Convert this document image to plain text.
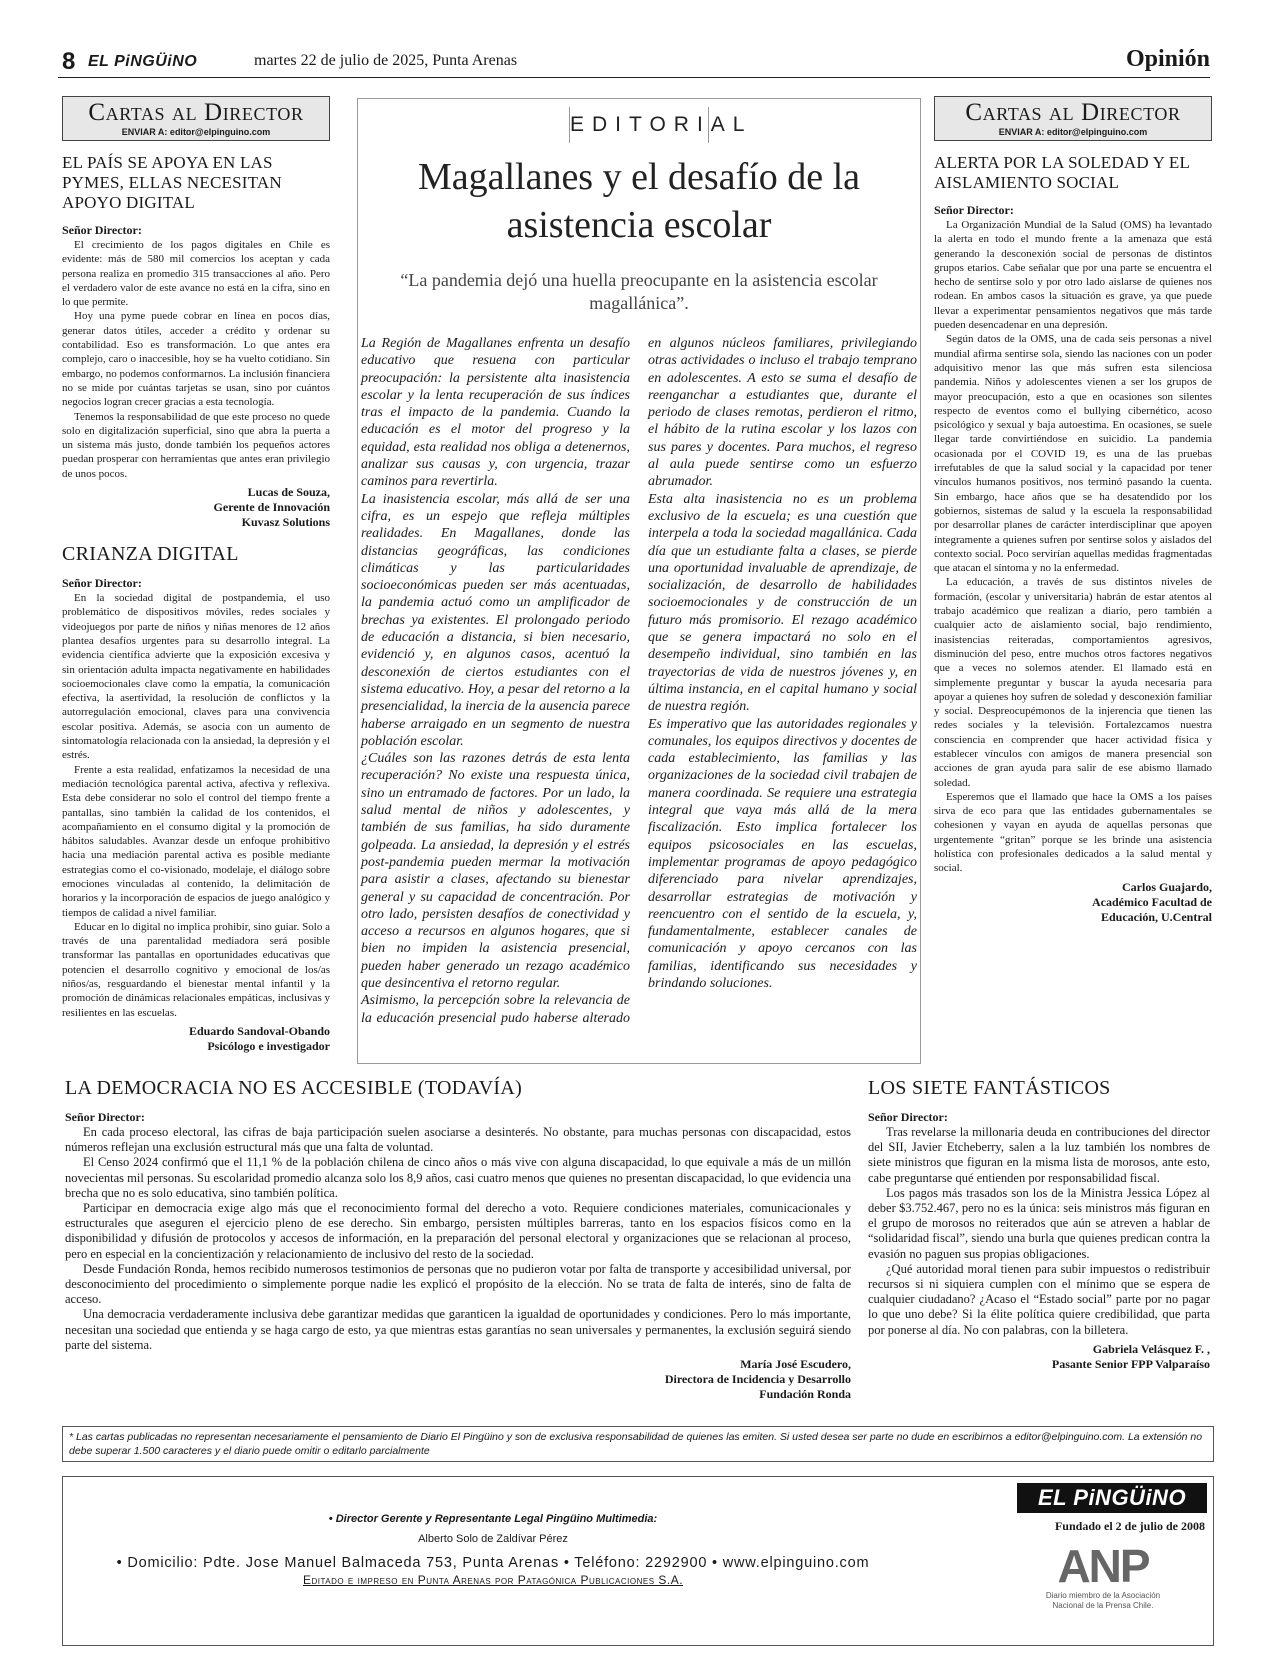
8 EL PiNGÜiNO	martes 22 de julio de 2025, Punta Arenas	Opinión
Cartas al Director
ENVIAR A: editor@elpinguino.com
EL PAÍS SE APOYA EN LAS PYMES, ELLAS NECESITAN APOYO DIGITAL
Señor Director:

El crecimiento de los pagos digitales en Chile es evidente: más de 580 mil comercios los aceptan y cada persona realiza en promedio 315 transacciones al año. Pero el verdadero valor de este avance no está en la cifra, sino en lo que permite.

Hoy una pyme puede cobrar en línea en pocos días, generar datos útiles, acceder a crédito y ordenar su contabilidad. Eso es transformación. Lo que antes era complejo, caro o inaccesible, hoy se ha vuelto cotidiano. Sin embargo, no podemos conformarnos. La inclusión financiera no se mide por cuántas tarjetas se usan, sino por cuántos negocios logran crecer gracias a esta tecnología.

Tenemos la responsabilidad de que este proceso no quede solo en digitalización superficial, sino que abra la puerta a un sistema más justo, donde también los pequeños actores puedan prosperar con herramientas que antes eran privilegio de unos pocos.

Lucas de Souza,
Gerente de Innovación
Kuvasz Solutions
CRIANZA DIGITAL
Señor Director:

En la sociedad digital de postpandemia, el uso problemático de dispositivos móviles, redes sociales y videojuegos por parte de niños y niñas menores de 12 años plantea desafíos urgentes para su desarrollo integral. La evidencia científica advierte que la exposición excesiva y sin orientación adulta impacta negativamente en habilidades socioemocionales clave como la empatía, la comunicación efectiva, la asertividad, la resolución de conflictos y la autorregulación emocional, claves para una convivencia escolar positiva. Además, se asocia con un aumento de sintomatología relacionada con la ansiedad, la depresión y el estrés.

Frente a esta realidad, enfatizamos la necesidad de una mediación tecnológica parental activa, afectiva y reflexiva. Esta debe considerar no solo el control del tiempo frente a pantallas, sino también la calidad de los contenidos, el acompañamiento en el consumo digital y la promoción de hábitos saludables. Avanzar desde un enfoque prohibitivo hacia una mediación parental activa es posible mediante estrategias como el co-visionado, modelaje, el diálogo sobre emociones vinculadas al contenido, la delimitación de horarios y la incorporación de espacios de juego analógico y tiempos de calidad a nivel familiar.

Educar en lo digital no implica prohibir, sino guiar. Solo a través de una parentalidad mediadora será posible transformar las pantallas en oportunidades educativas que potencien el desarrollo cognitivo y emocional de los/as niños/as, resguardando el bienestar mental infantil y la promoción de dinámicas relacionales empáticas, inclusivas y resilientes en las escuelas.

Eduardo Sandoval-Obando
Psicólogo e investigador
EDITORIAL
Magallanes y el desafío de la asistencia escolar
“La pandemia dejó una huella preocupante en la asistencia escolar magallánica”.

La Región de Magallanes enfrenta un desafío educativo que resuena con particular preocupación: la persistente alta inasistencia escolar y la lenta recuperación de sus índices tras el impacto de la pandemia. Cuando la educación es el motor del progreso y la equidad, esta realidad nos obliga a detenernos, analizar sus causas y, con urgencia, trazar caminos para revertirla.

La inasistencia escolar, más allá de ser una cifra, es un espejo que refleja múltiples realidades. En Magallanes, donde las distancias geográficas, las condiciones climáticas y las particularidades socioeconómicas pueden ser más acentuadas, la pandemia actuó como un amplificador de brechas ya existentes. El prolongado periodo de educación a distancia, si bien necesario, evidenció y, en algunos casos, acentuó la desconexión de ciertos estudiantes con el sistema educativo. Hoy, a pesar del retorno a la presencialidad, la inercia de la ausencia parece haberse arraigado en un segmento de nuestra población escolar.

¿Cuáles son las razones detrás de esta lenta recuperación? No existe una respuesta única, sino un entramado de factores. Por un lado, la salud mental de niños y adolescentes, y también de sus familias, ha sido duramente golpeada. La ansiedad, la depresión y el estrés post-pandemia pueden mermar la motivación para asistir a clases, afectando su bienestar general y su capacidad de concentración. Por otro lado, persisten desafíos de conectividad y acceso a recursos en algunos hogares, que si bien no impiden la asistencia presencial, pueden haber generado un rezago académico que desincentiva el retorno regular.

Asimismo, la percepción sobre la relevancia de la educación presencial pudo haberse alterado en algunos núcleos familiares, privilegiando otras actividades o incluso el trabajo temprano en adolescentes. A esto se suma el desafío de reenganchar a estudiantes que, durante el periodo de clases remotas, perdieron el ritmo, el hábito de la rutina escolar y los lazos con sus pares y docentes. Para muchos, el regreso al aula puede sentirse como un esfuerzo abrumador.

Esta alta inasistencia no es un problema exclusivo de la escuela; es una cuestión que interpela a toda la sociedad magallánica. Cada día que un estudiante falta a clases, se pierde una oportunidad invaluable de aprendizaje, de socialización, de desarrollo de habilidades socioemocionales y de construcción de un futuro más promisorio. El rezago académico que se genera impactará no solo en el desempeño individual, sino también en las trayectorias de vida de nuestros jóvenes y, en última instancia, en el capital humano y social de nuestra región.

Es imperativo que las autoridades regionales y comunales, los equipos directivos y docentes de cada establecimiento, las familias y las organizaciones de la sociedad civil trabajen de manera coordinada. Se requiere una estrategia integral que vaya más allá de la mera fiscalización. Esto implica fortalecer los equipos psicosociales en las escuelas, implementar programas de apoyo pedagógico diferenciado para nivelar aprendizajes, desarrollar estrategias de motivación y reencuentro con el sentido de la escuela, y, fundamentalmente, establecer canales de comunicación y apoyo cercanos con las familias, identificando sus necesidades y brindando soluciones.

Cartas al Director
ENVIAR A: editor@elpinguino.com
ALERTA POR LA SOLEDAD Y EL AISLAMIENTO SOCIAL
Señor Director:

La Organización Mundial de la Salud (OMS) ha levantado la alerta en todo el mundo frente a la amenaza que está generando la desconexión social de personas de distintos grupos etarios. Cabe señalar que por una parte se encuentra el hecho de sentirse solo y por otro lado aislarse de quienes nos rodean. En ambos casos la situación es grave, ya que puede llevar a experimentar pensamientos negativos que más tarde pueden desencadenar en una depresión.

Según datos de la OMS, una de cada seis personas a nivel mundial afirma sentirse sola, siendo las naciones con un poder adquisitivo menor las que más sufren esta silenciosa pandemia. Niños y adolescentes vienen a ser los grupos de mayor preocupación, esto a que en ocasiones son silentes respecto de eventos como el bullying cibernético, acoso psicológico y sexual y baja autoestima. En ocasiones, se suele llegar tarde convirtiéndose en suicidio. La pandemia ocasionada por el COVID 19, es una de las pruebas irrefutables de que la salud social y la capacidad por tener vínculos humanos positivos, nos terminó pasando la cuenta. Sin embargo, hace años que se ha desatendido por los gobiernos, sistemas de salud y la escuela la responsabilidad por desarrollar planes de carácter interdisciplinar que apoyen íntegramente a quienes sufren por sentirse solos y aislados del contexto social. Poco servirían aquellas medidas fragmentadas que atacan el síntoma y no la enfermedad.

La educación, a través de sus distintos niveles de formación, (escolar y universitaria) habrán de estar atentos al trabajo académico que realizan a diario, pero también a cualquier acto de aislamiento social, bajo rendimiento, inasistencias reiteradas, comportamientos agresivos, disminución del peso, entre muchos otros factores negativos que a veces no solemos atender. El llamado está en simplemente preguntar y buscar la ayuda necesaria para apoyar a quienes hoy sufren de soledad y desconexión familiar y social. Despreocupémonos de la injerencia que tienen las redes sociales y la televisión. Fortalezcamos nuestra consciencia en comprender que hacer actividad física y establecer vínculos con amigos de manera presencial son acciones de gran ayuda para salir de ese abismo llamado soledad.

Esperemos que el llamado que hace la OMS a los países sirva de eco para que las entidades gubernamentales se cohesionen y vayan en ayuda de aquellas personas que urgentemente “gritan” porque se les brinde una asistencia holística con profesionales dedicados a la salud mental y social.

Carlos Guajardo,
Académico Facultad de
Educación, U.Central
LA DEMOCRACIA NO ES ACCESIBLE (TODAVÍA)
Señor Director:

En cada proceso electoral, las cifras de baja participación suelen asociarse a desinterés. No obstante, para muchas personas con discapacidad, estos números reflejan una exclusión estructural más que una falta de voluntad.

El Censo 2024 confirmó que el 11,1 % de la población chilena de cinco años o más vive con alguna discapacidad, lo que equivale a más de un millón novecientas mil personas. Su escolaridad promedio alcanza solo los 8,9 años, casi cuatro menos que quienes no presentan discapacidad, lo que evidencia una brecha que no es solo educativa, sino también política.

Participar en democracia exige algo más que el reconocimiento formal del derecho a voto. Requiere condiciones materiales, comunicacionales y estructurales que aseguren el ejercicio pleno de ese derecho. Sin embargo, persisten múltiples barreras, tanto en los espacios físicos como en la disponibilidad y difusión de protocolos y accesos de información, en la preparación del personal electoral y organizaciones que se relacionan al proceso, pero en especial en la concientización y relacionamiento de inclusivo del resto de la sociedad.

Desde Fundación Ronda, hemos recibido numerosos testimonios de personas que no pudieron votar por falta de transporte y accesibilidad universal, por desconocimiento del procedimiento o simplemente porque nadie les explicó el propósito de la elección. No se trata de falta de interés, sino de falta de acceso.

Una democracia verdaderamente inclusiva debe garantizar medidas que garanticen la igualdad de oportunidades y condiciones. Pero lo más importante, necesitan una sociedad que entienda y se haga cargo de esto, ya que mientras estas garantías no sean universales y permanentes, la exclusión seguirá siendo parte del sistema.

María José Escudero,
Directora de Incidencia y Desarrollo
Fundación Ronda
LOS SIETE FANTÁSTICOS
Señor Director:

Tras revelarse la millonaria deuda en contribuciones del director del SII, Javier Etcheberry, salen a la luz también los nombres de siete ministros que figuran en la misma lista de morosos, ante esto, cabe preguntarse qué entienden por responsabilidad fiscal.

Los pagos más trasados son los de la Ministra Jessica López al deber $3.752.467, pero no es la única: seis ministros más figuran en el grupo de morosos no reiterados que aún se atreven a hablar de “solidaridad fiscal”, siendo una burla que quienes predican contra la evasión no paguen sus propias obligaciones.

¿Qué autoridad moral tienen para subir impuestos o redistribuir recursos si ni siquiera cumplen con el mínimo que se espera de cualquier ciudadano? ¿Acaso el “Estado social” parte por no pagar lo que uno debe? Si la élite política quiere credibilidad, que parta por ponerse al día. No con palabras, con la billetera.

Gabriela Velásquez F. ,
Pasante Senior FPP Valparaíso
* Las cartas publicadas no representan necesariamente el pensamiento de Diario El Pingüino y son de exclusiva responsabilidad de quienes las emiten. Si usted desea ser parte no dude en escribirnos a editor@elpinguino.com. La extensión no debe superar 1.500 caracteres y el diario puede omitir o editarlo parcialmente
• Director Gerente y Representante Legal Pingüino Multimedia:
Alberto Solo de Zaldívar Pérez
• Domicilio: Pdte. Jose Manuel Balmaceda 753, Punta Arenas • Teléfono: 2292900 • www.elpinguino.com
Editado e impreso en Punta Arenas por Patagónica Publicaciones S.A.
EL PiNGÜiNO
Fundado el 2 de julio de 2008
ANP
Diario miembro de la Asociación Nacional de la Prensa Chile.
